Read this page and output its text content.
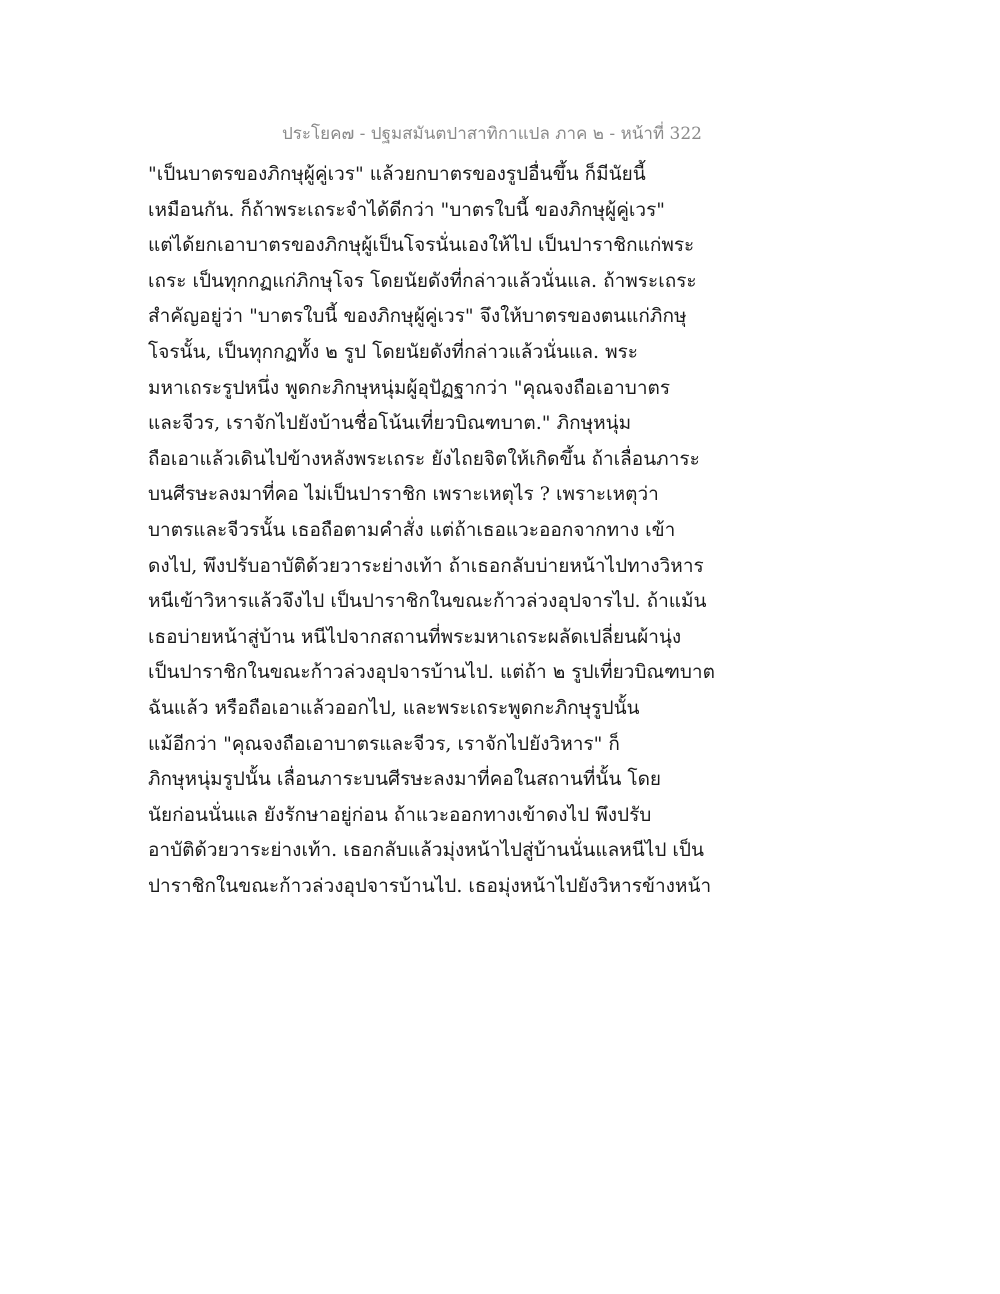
ประโยค๗ - ปฐมสมันตปาสาทิกาแปล ภาค ๒ - หน้าที่ 322
"เป็นบาตรของภิกษุผู้คู่เวร" แล้วยกบาตรของรูปอื่นขึ้น ก็มีนัยนี้
เหมือนกัน. ก็ถ้าพระเถระจำได้ดีกว่า "บาตรใบนี้ ของภิกษุผู้คู่เวร"
แต่ได้ยกเอาบาตรของภิกษุผู้เป็นโจรนั่นเองให้ไป เป็นปาราชิกแก่พระ
เถระ เป็นทุกกฏแก่ภิกษุโจร โดยนัยดังที่กล่าวแล้วนั่นแล. ถ้าพระเถระ
สำคัญอยู่ว่า "บาตรใบนี้ ของภิกษุผู้คู่เวร" จึงให้บาตรของตนแก่ภิกษุ
โจรนั้น, เป็นทุกกฏทั้ง ๒ รูป โดยนัยดังที่กล่าวแล้วนั่นแล. พระ
มหาเถระรูปหนึ่ง พูดกะภิกษุหนุ่มผู้อุปัฏฐากว่า "คุณจงถือเอาบาตร
และจีวร, เราจักไปยังบ้านชื่อโน้นเที่ยวบิณฑบาต." ภิกษุหนุ่ม
ถือเอาแล้วเดินไปข้างหลังพระเถระ ยังไถยจิตให้เกิดขึ้น ถ้าเลื่อนภาระ
บนศีรษะลงมาที่คอ ไม่เป็นปาราชิก เพราะเหตุไร ? เพราะเหตุว่า
บาตรและจีวรนั้น เธอถือตามคำสั่ง แต่ถ้าเธอแวะออกจากทาง เข้า
ดงไป, พึงปรับอาบัติด้วยวาระย่างเท้า ถ้าเธอกลับบ่ายหน้าไปทางวิหาร
หนีเข้าวิหารแล้วจึงไป เป็นปาราชิกในขณะก้าวล่วงอุปจารไป. ถ้าแม้น
เธอบ่ายหน้าสู่บ้าน หนีไปจากสถานที่พระมหาเถระผลัดเปลี่ยนผ้านุ่ง
เป็นปาราชิกในขณะก้าวล่วงอุปจารบ้านไป. แต่ถ้า ๒ รูปเที่ยวบิณฑบาต
ฉันแล้ว หรือถือเอาแล้วออกไป, และพระเถระพูดกะภิกษุรูปนั้น
แม้อีกว่า "คุณจงถือเอาบาตรและจีวร, เราจักไปยังวิหาร" ก็
ภิกษุหนุ่มรูปนั้น เลื่อนภาระบนศีรษะลงมาที่คอในสถานที่นั้น โดย
นัยก่อนนั่นแล ยังรักษาอยู่ก่อน ถ้าแวะออกทางเข้าดงไป พึงปรับ
อาบัติด้วยวาระย่างเท้า. เธอกลับแล้วมุ่งหน้าไปสู่บ้านนั่นแลหนีไป เป็น
ปาราชิกในขณะก้าวล่วงอุปจารบ้านไป. เธอมุ่งหน้าไปยังวิหารข้างหน้า
